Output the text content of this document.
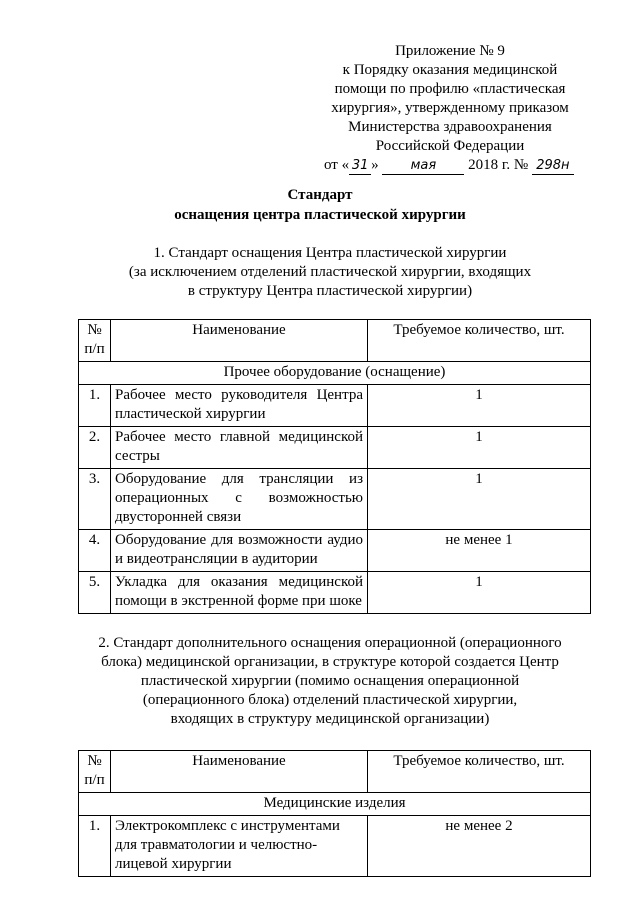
Приложение № 9
к Порядку оказания медицинской
помощи по профилю «пластическая
хирургия», утвержденному приказом
Министерства здравоохранения
Российской Федерации
от « 31 » мая 2018 г. № 298н
Стандарт
оснащения центра пластической хирургии
1. Стандарт оснащения Центра пластической хирургии
(за исключением отделений пластической хирургии, входящих
в структуру Центра пластической хирургии)
№ п/п	Наименование	Требуемое количество, шт.
Прочее оборудование (оснащение)		
1.	Рабочее место руководителя Центра пластической хирургии	1
2.	Рабочее место главной медицинской сестры	1
3.	Оборудование для трансляции из операционных с возможностью двусторонней связи	1
4.	Оборудование для возможности аудио и видеотрансляции в аудитории	не менее 1
5.	Укладка для оказания медицинской помощи в экстренной форме при шоке	1
2. Стандарт дополнительного оснащения операционной (операционного
блока) медицинской организации, в структуре которой создается Центр
пластической хирургии (помимо оснащения операционной
(операционного блока) отделений пластической хирургии,
входящих в структуру медицинской организации)
№ п/п	Наименование	Требуемое количество, шт.
Медицинские изделия		
1.	Электрокомплекс с инструментами для травматологии и челюстно-лицевой хирургии	не менее 2
